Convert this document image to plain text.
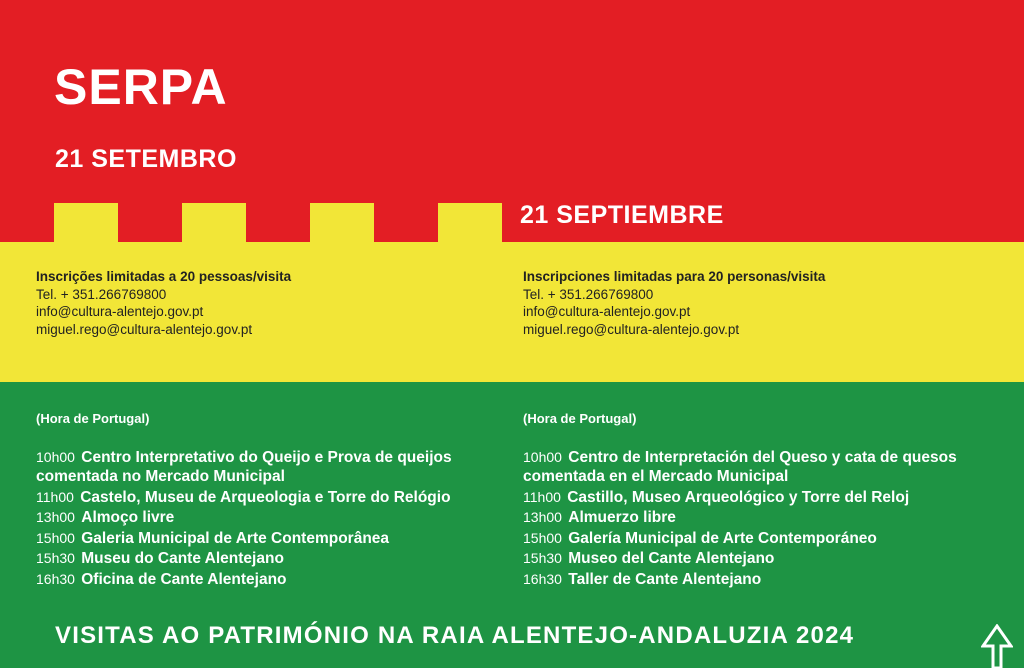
SERPA

21 SETEMBRO

21 SEPTIEMBRE

Inscrições limitadas a 20 pessoas/visita
Tel. + 351.266769800
info@cultura-alentejo.gov.pt
miguel.rego@cultura-alentejo.gov.pt
Inscripciones limitadas para 20 personas/visita
Tel. + 351.266769800
info@cultura-alentejo.gov.pt
miguel.rego@cultura-alentejo.gov.pt
(Hora de Portugal)	(Hora de Portugal)
10h00 Centro Interpretativo do Queijo e Prova de queijos comentada no Mercado Municipal
11h00 Castelo, Museu de Arqueologia e Torre do Relógio
13h00 Almoço livre
15h00 Galeria Municipal de Arte Contemporânea
15h30 Museu do Cante Alentejano
16h30 Oficina de Cante Alentejano
10h00 Centro de Interpretación del Queso y cata de quesos comentada en el Mercado Municipal
11h00 Castillo, Museo Arqueológico y Torre del Reloj
13h00 Almuerzo libre
15h00 Galería Municipal de Arte Contemporáneo
15h30 Museo del Cante Alentejano
16h30 Taller de Cante Alentejano

VISITAS AO PATRIMÓNIO NA RAIA ALENTEJO-ANDALUZIA 2024
